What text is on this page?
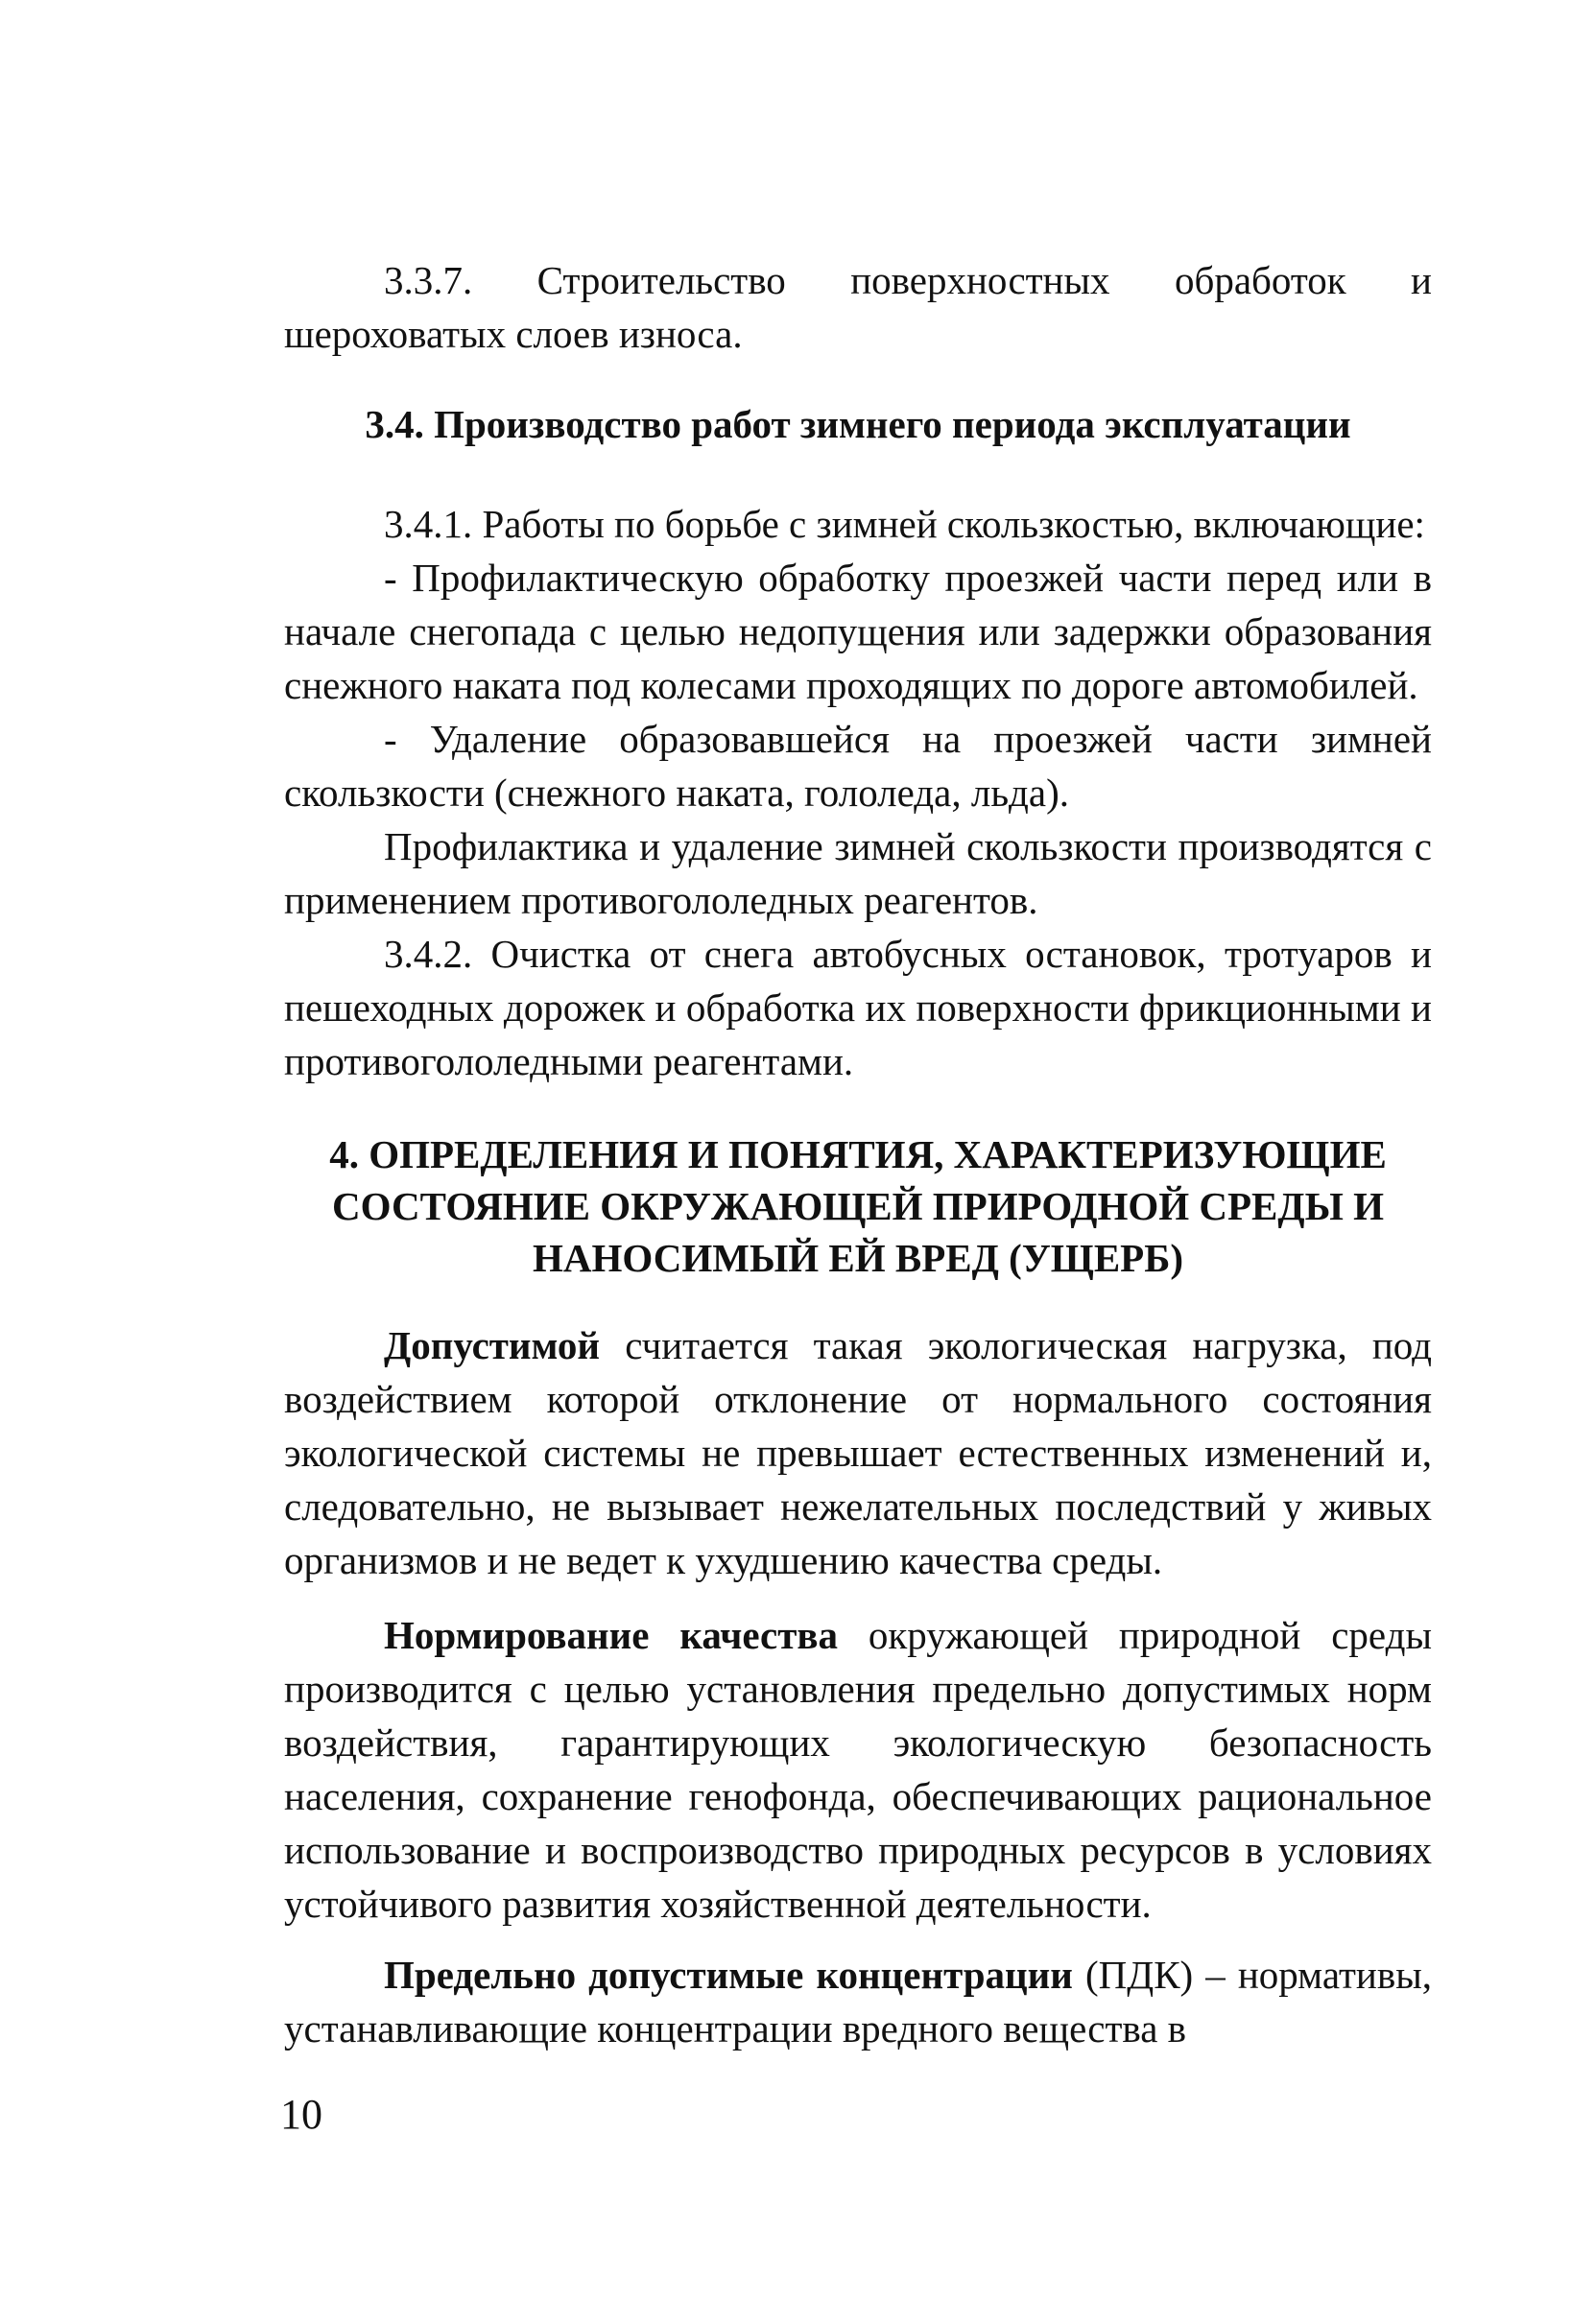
3.3.7. Строительство поверхностных обработок и шероховатых слоев износа.

3.4. Производство работ зимнего периода эксплуатации

3.4.1. Работы по борьбе с зимней скользкостью, включающие:

- Профилактическую обработку проезжей части перед или в начале снегопада с целью недопущения или задержки образования снежного наката под колесами проходящих по дороге автомобилей.

- Удаление образовавшейся на проезжей части зимней скользкости (снежного наката, гололеда, льда).

Профилактика и удаление зимней скользкости производятся с применением противогололедных реагентов.

3.4.2. Очистка от снега автобусных остановок, тротуаров и пешеходных дорожек и обработка их поверхности фрикционными и противогололедными реагентами.

4. ОПРЕДЕЛЕНИЯ И ПОНЯТИЯ, ХАРАКТЕРИЗУЮЩИЕ
СОСТОЯНИЕ ОКРУЖАЮЩЕЙ ПРИРОДНОЙ СРЕДЫ И
НАНОСИМЫЙ ЕЙ ВРЕД (УЩЕРБ)

Допустимой считается такая экологическая нагрузка, под воздействием которой отклонение от нормального состояния экологической системы не превышает естественных изменений и, следовательно, не вызывает нежелательных последствий у живых организмов и не ведет к ухудшению качества среды.

Нормирование качества окружающей природной среды производится с целью установления предельно допустимых норм воздействия, гарантирующих экологическую безопасность населения, сохранение генофонда, обеспечивающих рациональное использование и воспроизводство природных ресурсов в условиях устойчивого развития хозяйственной деятельности.

Предельно допустимые концентрации (ПДК) – нормативы, устанавливающие концентрации вредного вещества в

10
